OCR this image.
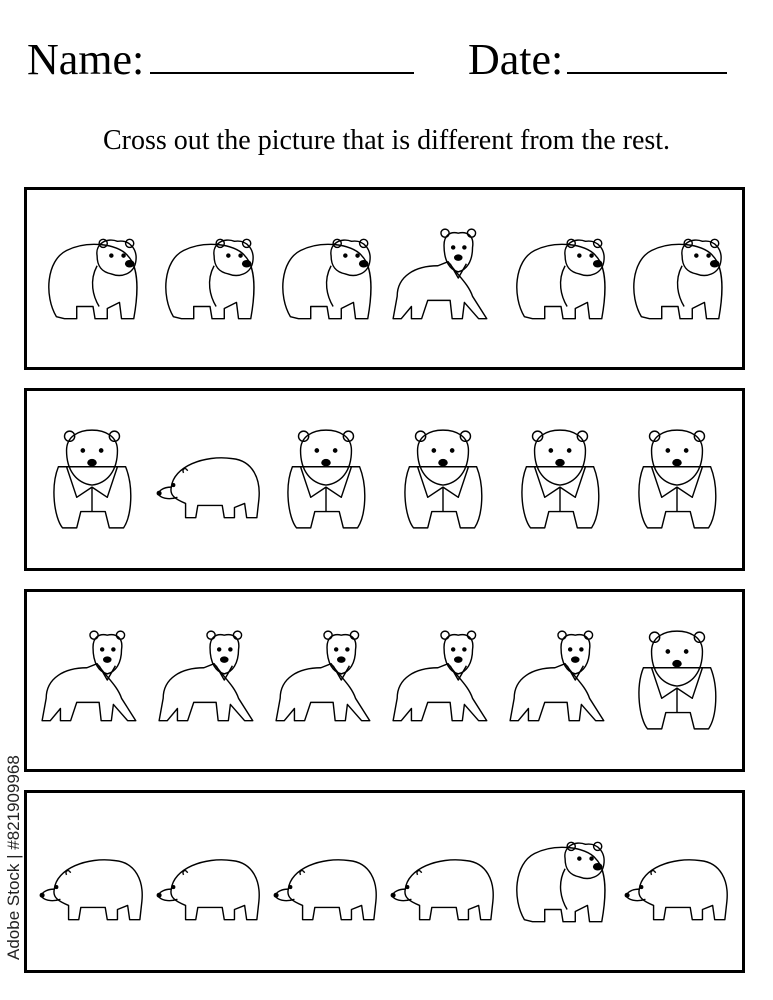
Name:	Date:
Cross out the picture that is different from the rest.
Adobe Stock | #821909968
